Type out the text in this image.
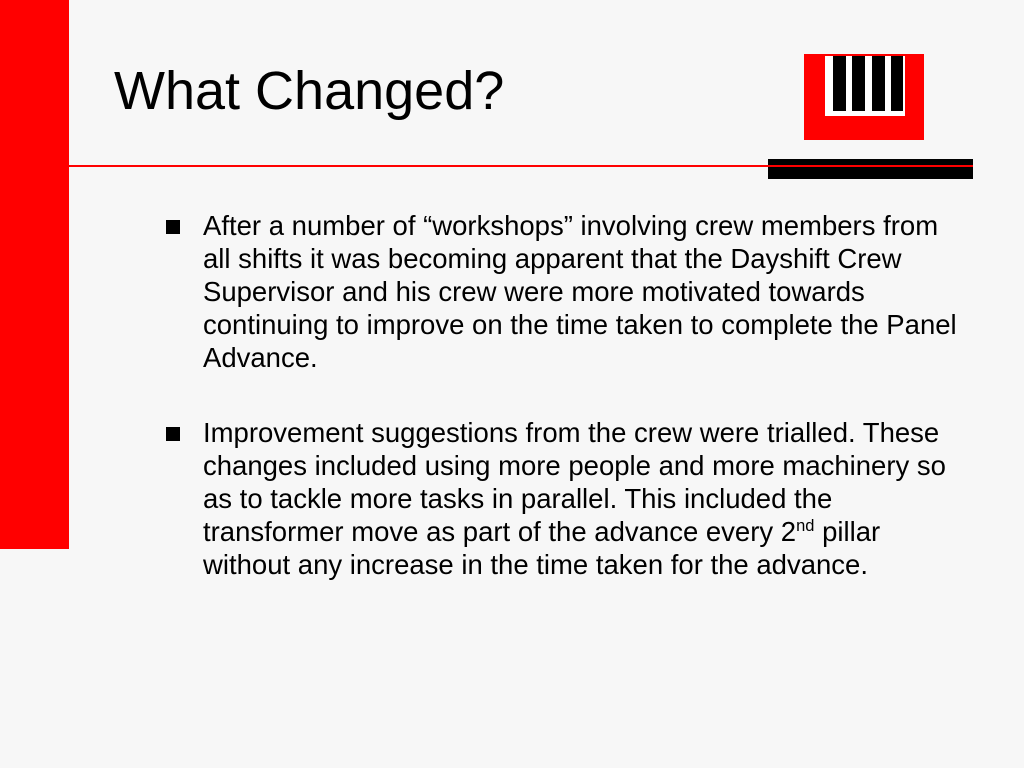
What Changed?
After a number of “workshops” involving crew members from all shifts it was becoming apparent that the Dayshift Crew Supervisor and his crew were more motivated towards continuing to improve on the time taken to complete the Panel Advance.
Improvement suggestions from the crew were trialled. These changes included using more people and more machinery so as to tackle more tasks in parallel. This included the transformer move as part of the advance every 2nd pillar without any increase in the time taken for the advance.
